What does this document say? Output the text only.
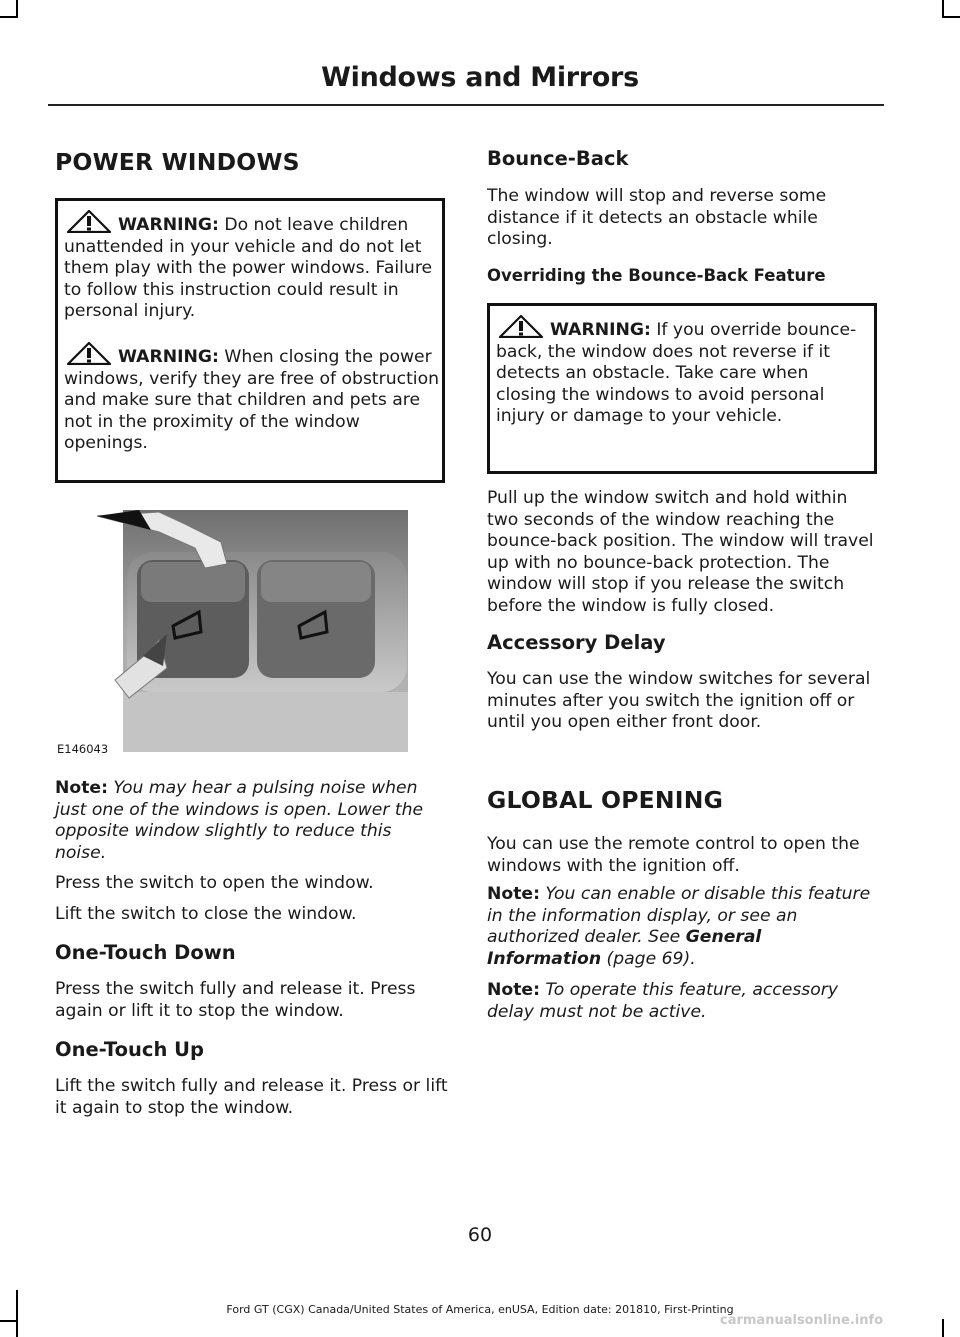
Windows and Mirrors
POWER WINDOWS
WARNING: Do not leave children unattended in your vehicle and do not let them play with the power windows. Failure to follow this instruction could result in personal injury.
WARNING: When closing the power windows, verify they are free of obstruction and make sure that children and pets are not in the proximity of the window openings.
E146043

Note: You may hear a pulsing noise when just one of the windows is open. Lower the opposite window slightly to reduce this noise.

Press the switch to open the window.

Lift the switch to close the window.

One-Touch Down

Press the switch fully and release it. Press again or lift it to stop the window.

One-Touch Up

Lift the switch fully and release it. Press or lift it again to stop the window.

Bounce-Back

The window will stop and reverse some distance if it detects an obstacle while closing.

Overriding the Bounce-Back Feature
WARNING: If you override bounce-back, the window does not reverse if it detects an obstacle. Take care when closing the windows to avoid personal injury or damage to your vehicle.

Pull up the window switch and hold within two seconds of the window reaching the bounce-back position. The window will travel up with no bounce-back protection. The window will stop if you release the switch before the window is fully closed.

Accessory Delay

You can use the window switches for several minutes after you switch the ignition off or until you open either front door.

GLOBAL OPENING

You can use the remote control to open the windows with the ignition off.

Note: You can enable or disable this feature in the information display, or see an authorized dealer. See General Information (page 69).

Note: To operate this feature, accessory delay must not be active.

60
Ford GT (CGX) Canada/United States of America, enUSA, Edition date: 201810, First-Printing
carmanualsonline.info
